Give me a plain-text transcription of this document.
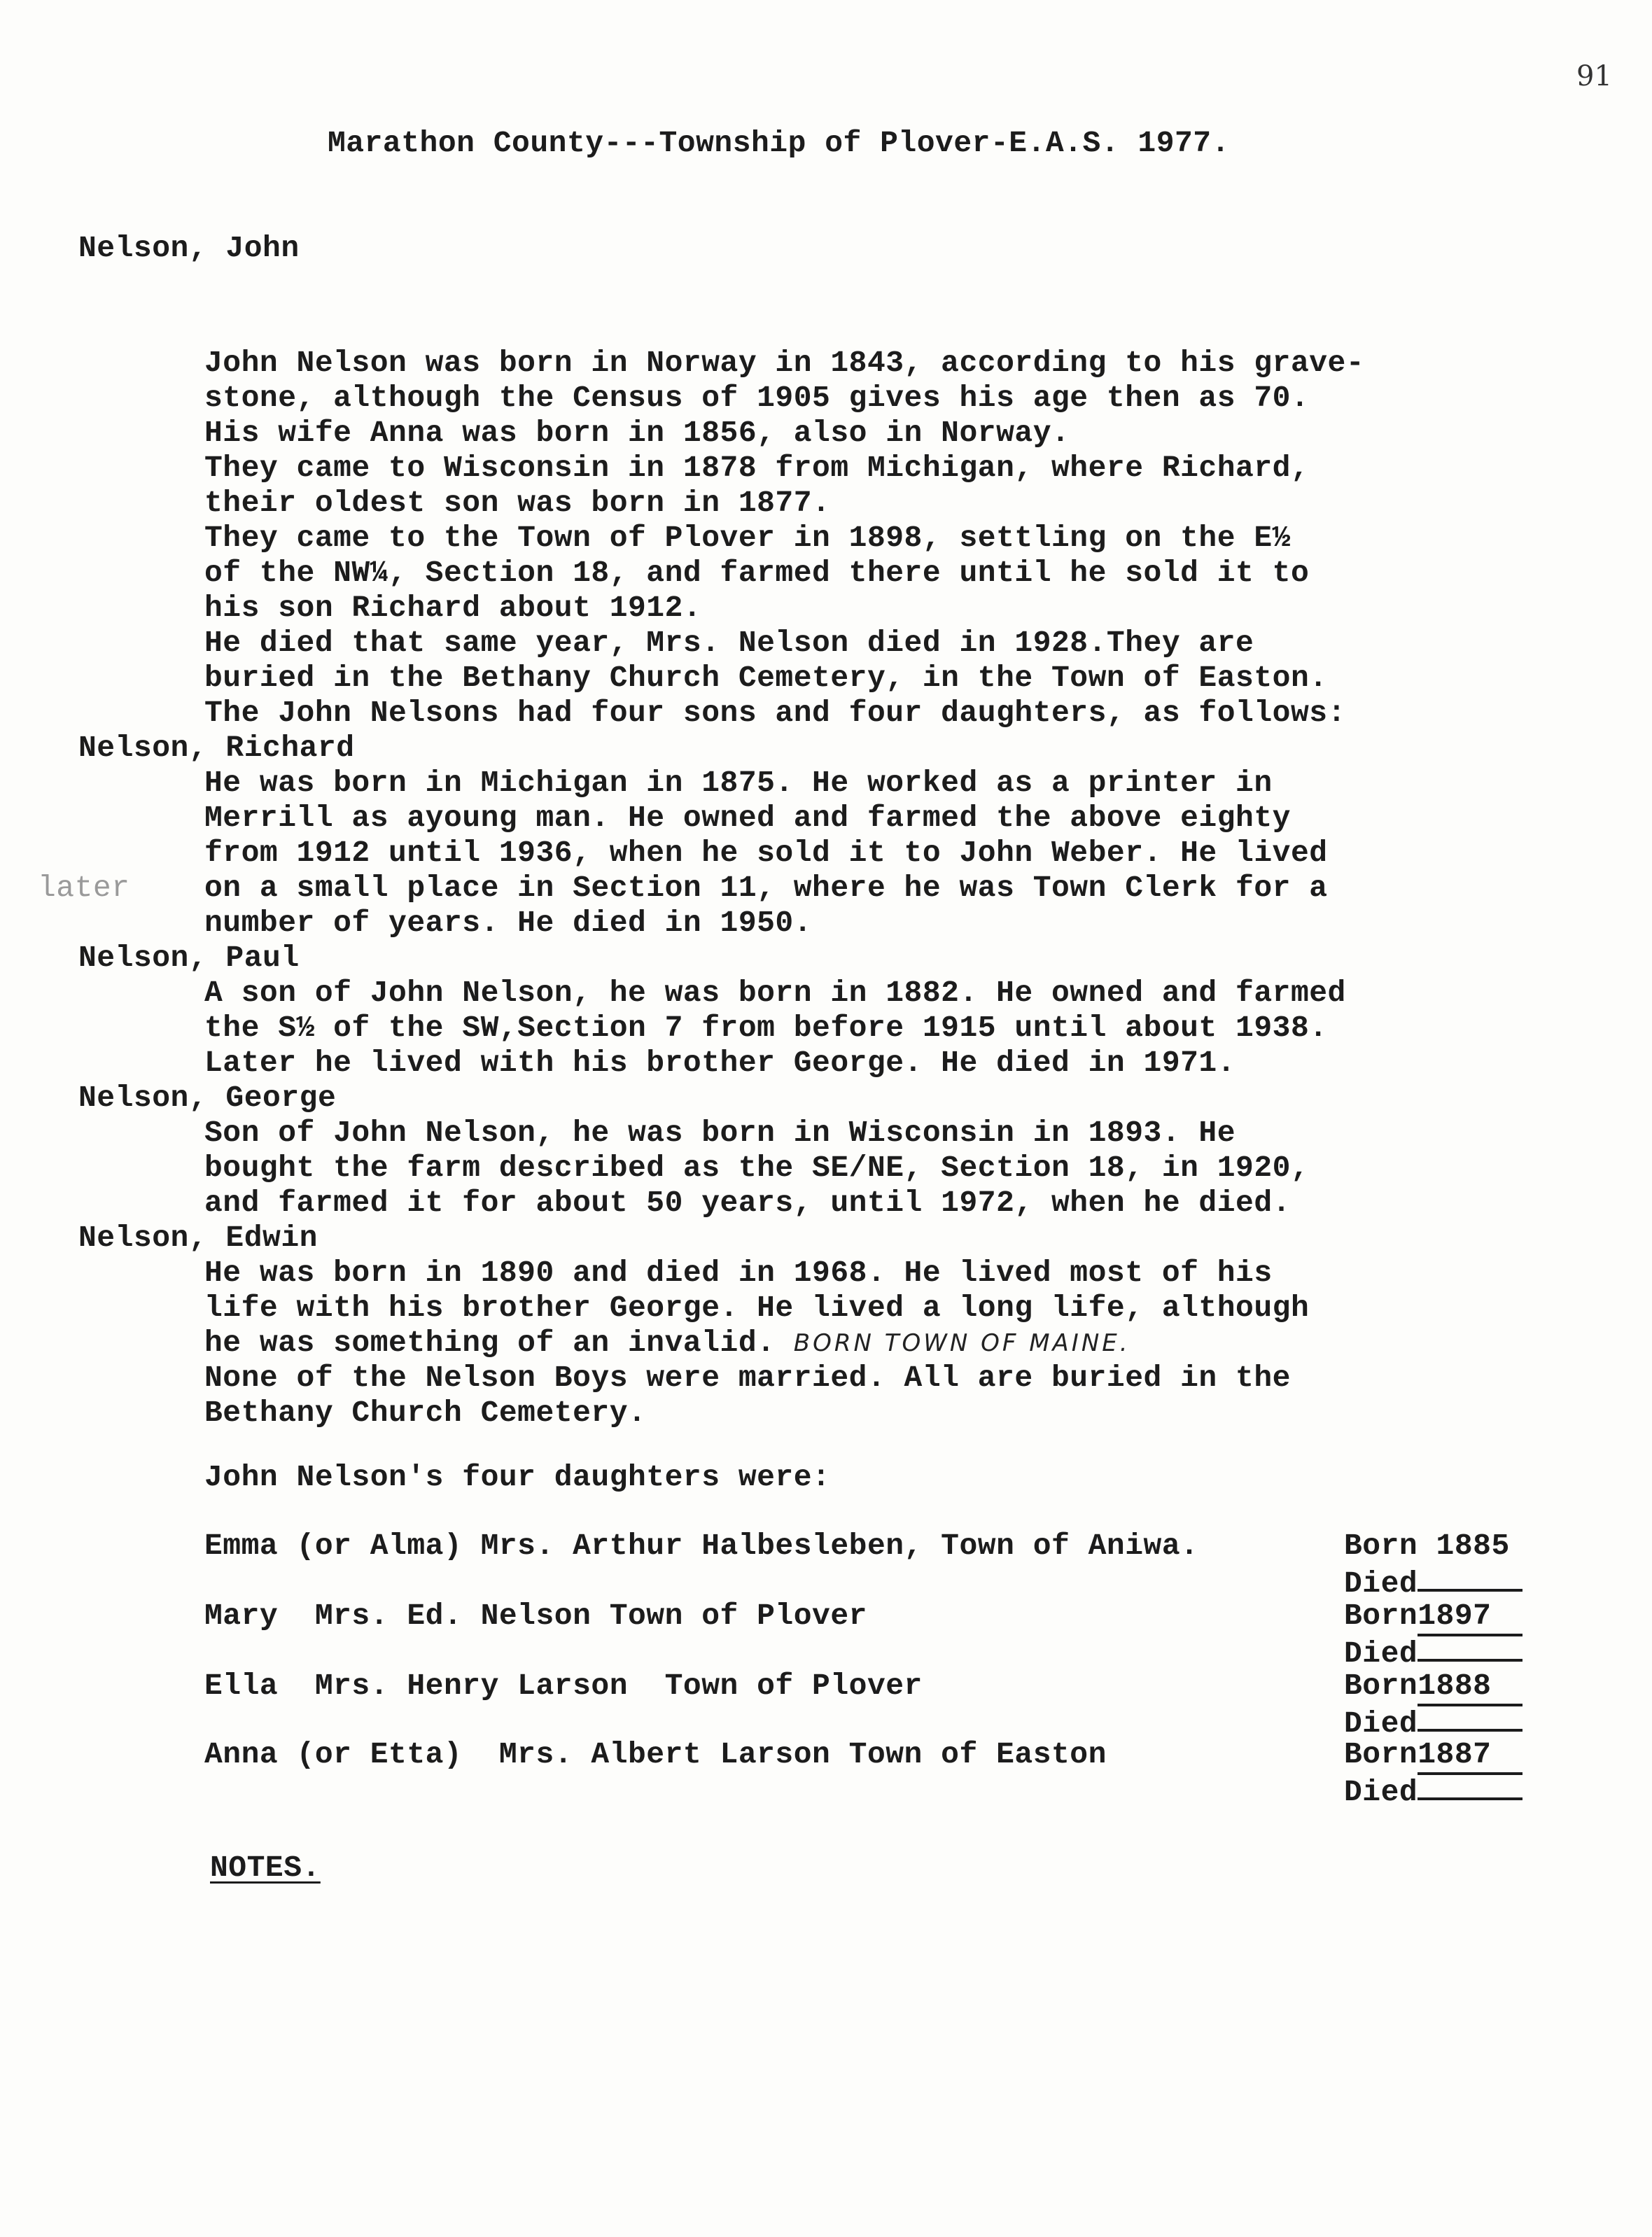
91
Marathon County---Township of Plover-E.A.S. 1977.
Nelson, John
John Nelson was born in Norway in 1843, according to his grave-
stone, although the Census of 1905 gives his age then as 70.
His wife Anna was born in 1856, also in Norway.
They came to Wisconsin in 1878 from Michigan, where Richard,
their oldest son was born in 1877.
They came to the Town of Plover in 1898, settling on the E½
of the NW¼, Section 18, and farmed there until he sold it to
his son Richard about 1912.
He died that same year, Mrs. Nelson died in 1928.They are
buried in the Bethany Church Cemetery, in the Town of Easton.
The John Nelsons had four sons and four daughters, as follows:
Nelson, Richard
He was born in Michigan in 1875. He worked as a printer in
Merrill as ayoung man. He owned and farmed the above eighty
from 1912 until 1936, when he sold it to John Weber. He lived
later on a small place in Section 11, where he was Town Clerk for a
number of years. He died in 1950.
Nelson, Paul
A son of John Nelson, he was born in 1882. He owned and farmed
the S½ of the SW,Section 7 from before 1915 until about 1938.
Later he lived with his brother George. He died in 1971.
Nelson, George
Son of John Nelson, he was born in Wisconsin in 1893. He
bought the farm described as the SE/NE, Section 18, in 1920,
and farmed it for about 50 years, until 1972, when he died.
Nelson, Edwin
He was born in 1890 and died in 1968. He lived most of his
life with his brother George. He lived a long life, although
he was something of an invalid. BORN TOWN OF MAINE.
None of the Nelson Boys were married. All are buried in the
Bethany Church Cemetery.
John Nelson's four daughters were:
Emma (or Alma) Mrs. Arthur Halbesleben, Town of Aniwa.	Born 1885
Died
Mary  Mrs. Ed. Nelson Town of Plover	Born1897
Died
Ella  Mrs. Henry Larson  Town of Plover	Born1888
Died
Anna (or Etta)  Mrs. Albert Larson Town of Easton	Born1887
Died
NOTES.
